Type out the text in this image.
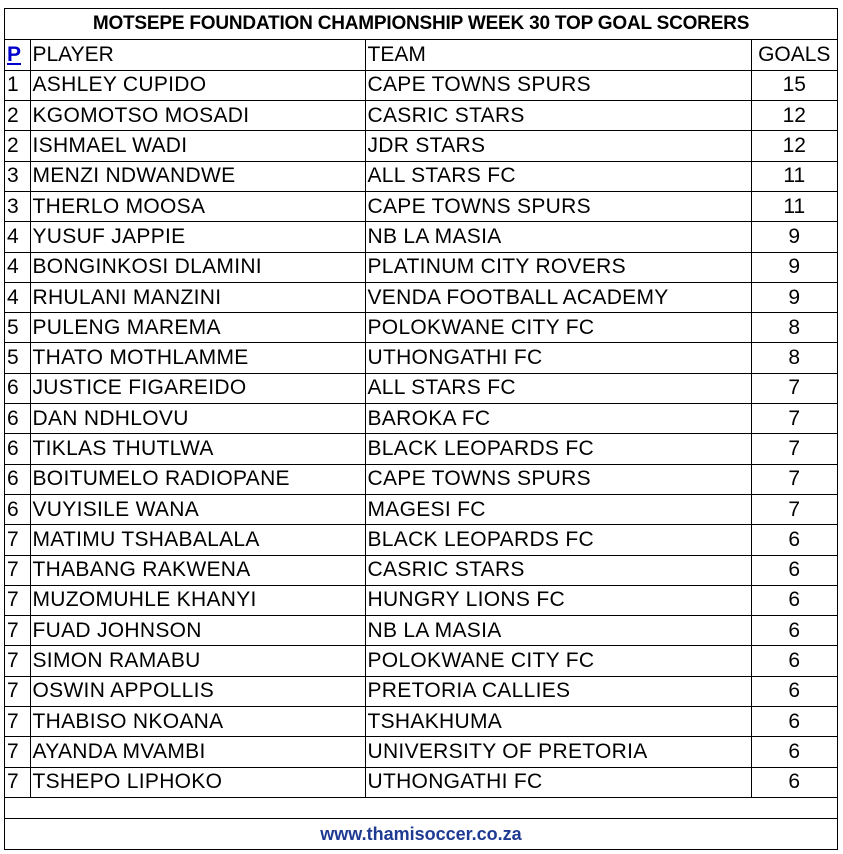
MOTSEPE FOUNDATION CHAMPIONSHIP WEEK 30 TOP GOAL SCORERS
P	PLAYER	TEAM	GOALS
1	ASHLEY CUPIDO	CAPE TOWNS SPURS	15
2	KGOMOTSO MOSADI	CASRIC STARS	12
2	ISHMAEL WADI	JDR STARS	12
3	MENZI NDWANDWE	ALL STARS FC	11
3	THERLO MOOSA	CAPE TOWNS SPURS	11
4	YUSUF JAPPIE	NB LA MASIA	9
4	BONGINKOSI DLAMINI	PLATINUM CITY ROVERS	9
4	RHULANI MANZINI	VENDA FOOTBALL ACADEMY	9
5	PULENG MAREMA	POLOKWANE CITY FC	8
5	THATO MOTHLAMME	UTHONGATHI FC	8
6	JUSTICE FIGAREIDO	ALL STARS FC	7
6	DAN NDHLOVU	BAROKA FC	7
6	TIKLAS THUTLWA	BLACK LEOPARDS FC	7
6	BOITUMELO RADIOPANE	CAPE TOWNS SPURS	7
6	VUYISILE WANA	MAGESI FC	7
7	MATIMU TSHABALALA	BLACK LEOPARDS FC	6
7	THABANG RAKWENA	CASRIC STARS	6
7	MUZOMUHLE KHANYI	HUNGRY LIONS FC	6
7	FUAD JOHNSON	NB LA MASIA	6
7	SIMON RAMABU	POLOKWANE CITY FC	6
7	OSWIN APPOLLIS	PRETORIA CALLIES	6
7	THABISO NKOANA	TSHAKHUMA	6
7	AYANDA MVAMBI	UNIVERSITY OF PRETORIA	6
7	TSHEPO LIPHOKO	UTHONGATHI FC	6
www.thamisoccer.co.za
